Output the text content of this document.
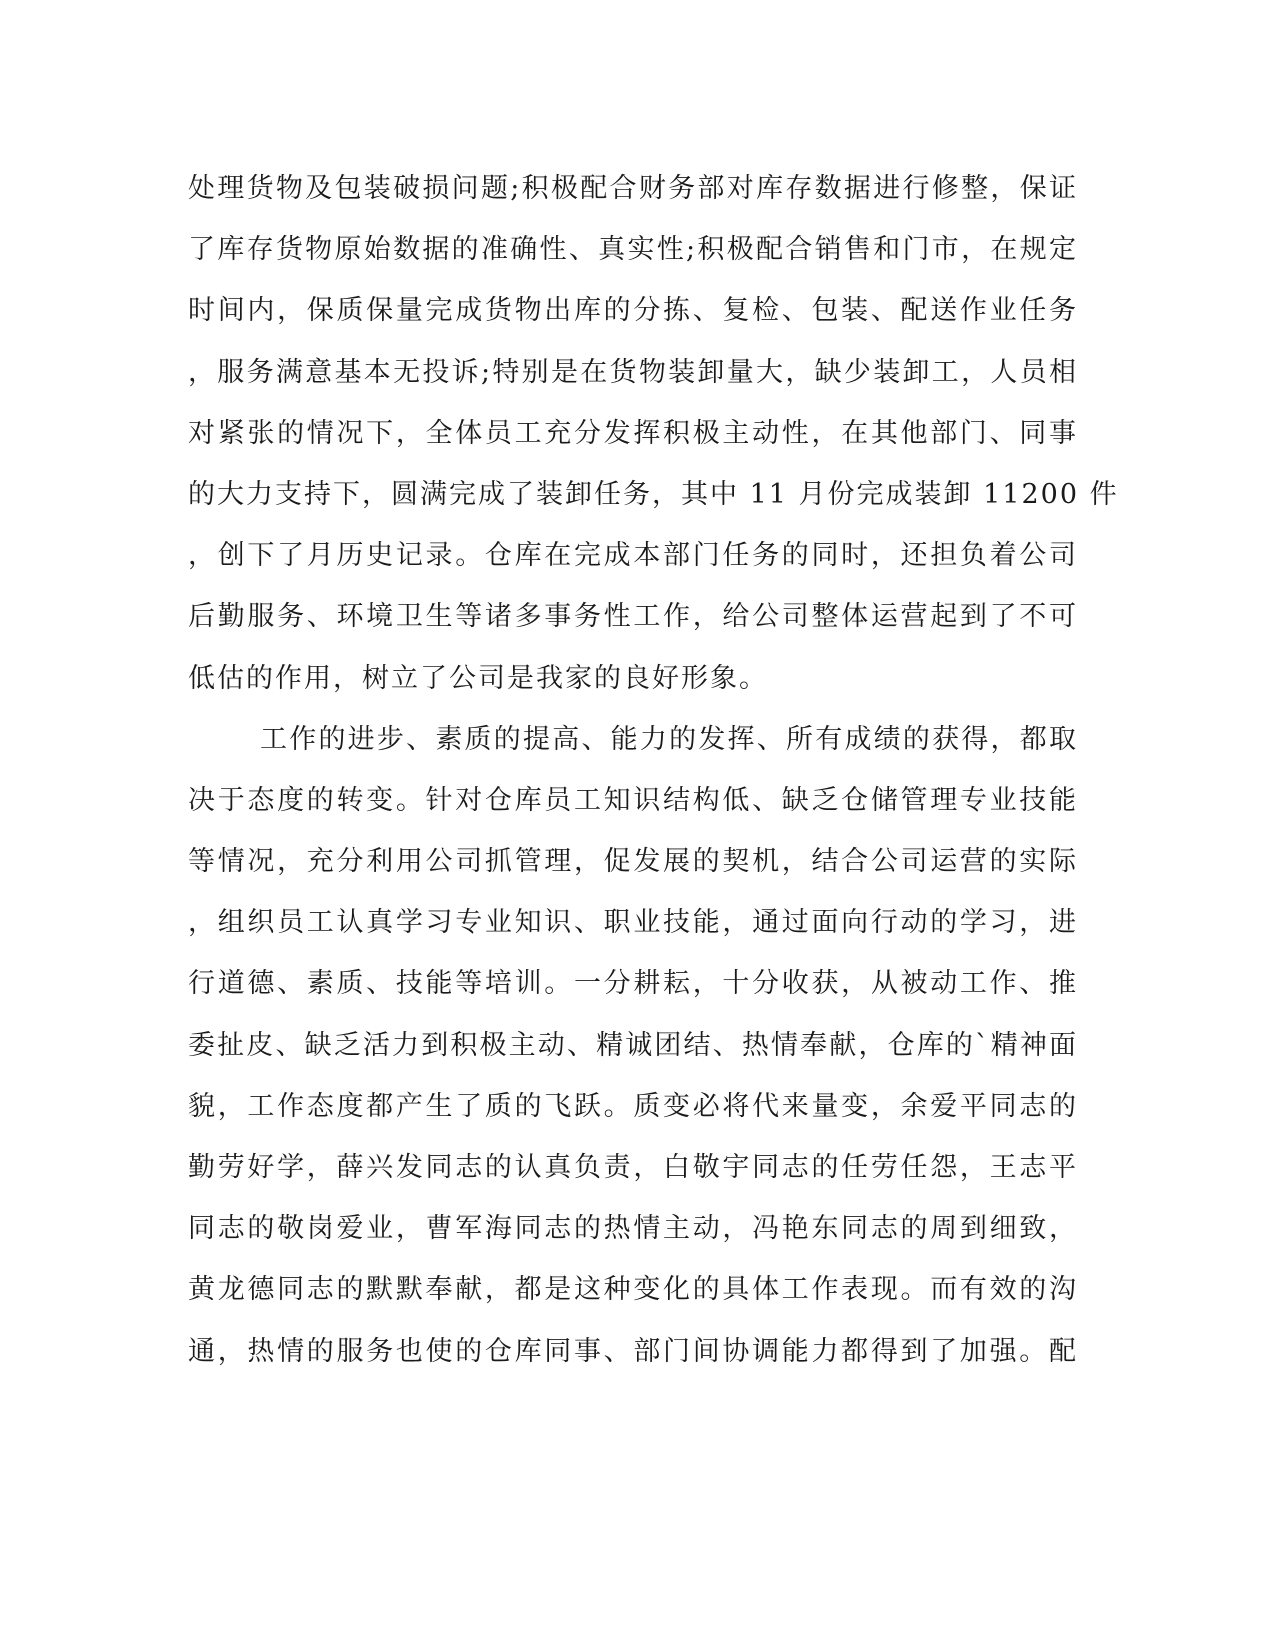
处理货物及包装破损问题;积极配合财务部对库存数据进行修整，保证
了库存货物原始数据的准确性、真实性;积极配合销售和门市，在规定
时间内，保质保量完成货物出库的分拣、复检、包装、配送作业任务
，服务满意基本无投诉;特别是在货物装卸量大，缺少装卸工，人员相
对紧张的情况下，全体员工充分发挥积极主动性，在其他部门、同事
的大力支持下，圆满完成了装卸任务，其中 11 月份完成装卸 11200 件
，创下了月历史记录。仓库在完成本部门任务的同时，还担负着公司
后勤服务、环境卫生等诸多事务性工作，给公司整体运营起到了不可
低估的作用，树立了公司是我家的良好形象。
工作的进步、素质的提高、能力的发挥、所有成绩的获得，都取
决于态度的转变。针对仓库员工知识结构低、缺乏仓储管理专业技能
等情况，充分利用公司抓管理，促发展的契机，结合公司运营的实际
，组织员工认真学习专业知识、职业技能，通过面向行动的学习，进
行道德、素质、技能等培训。一分耕耘，十分收获，从被动工作、推
委扯皮、缺乏活力到积极主动、精诚团结、热情奉献，仓库的`精神面
貌，工作态度都产生了质的飞跃。质变必将代来量变，余爱平同志的
勤劳好学，薛兴发同志的认真负责，白敬宇同志的任劳任怨，王志平
同志的敬岗爱业，曹军海同志的热情主动，冯艳东同志的周到细致，
黄龙德同志的默默奉献，都是这种变化的具体工作表现。而有效的沟
通，热情的服务也使的仓库同事、部门间协调能力都得到了加强。配
